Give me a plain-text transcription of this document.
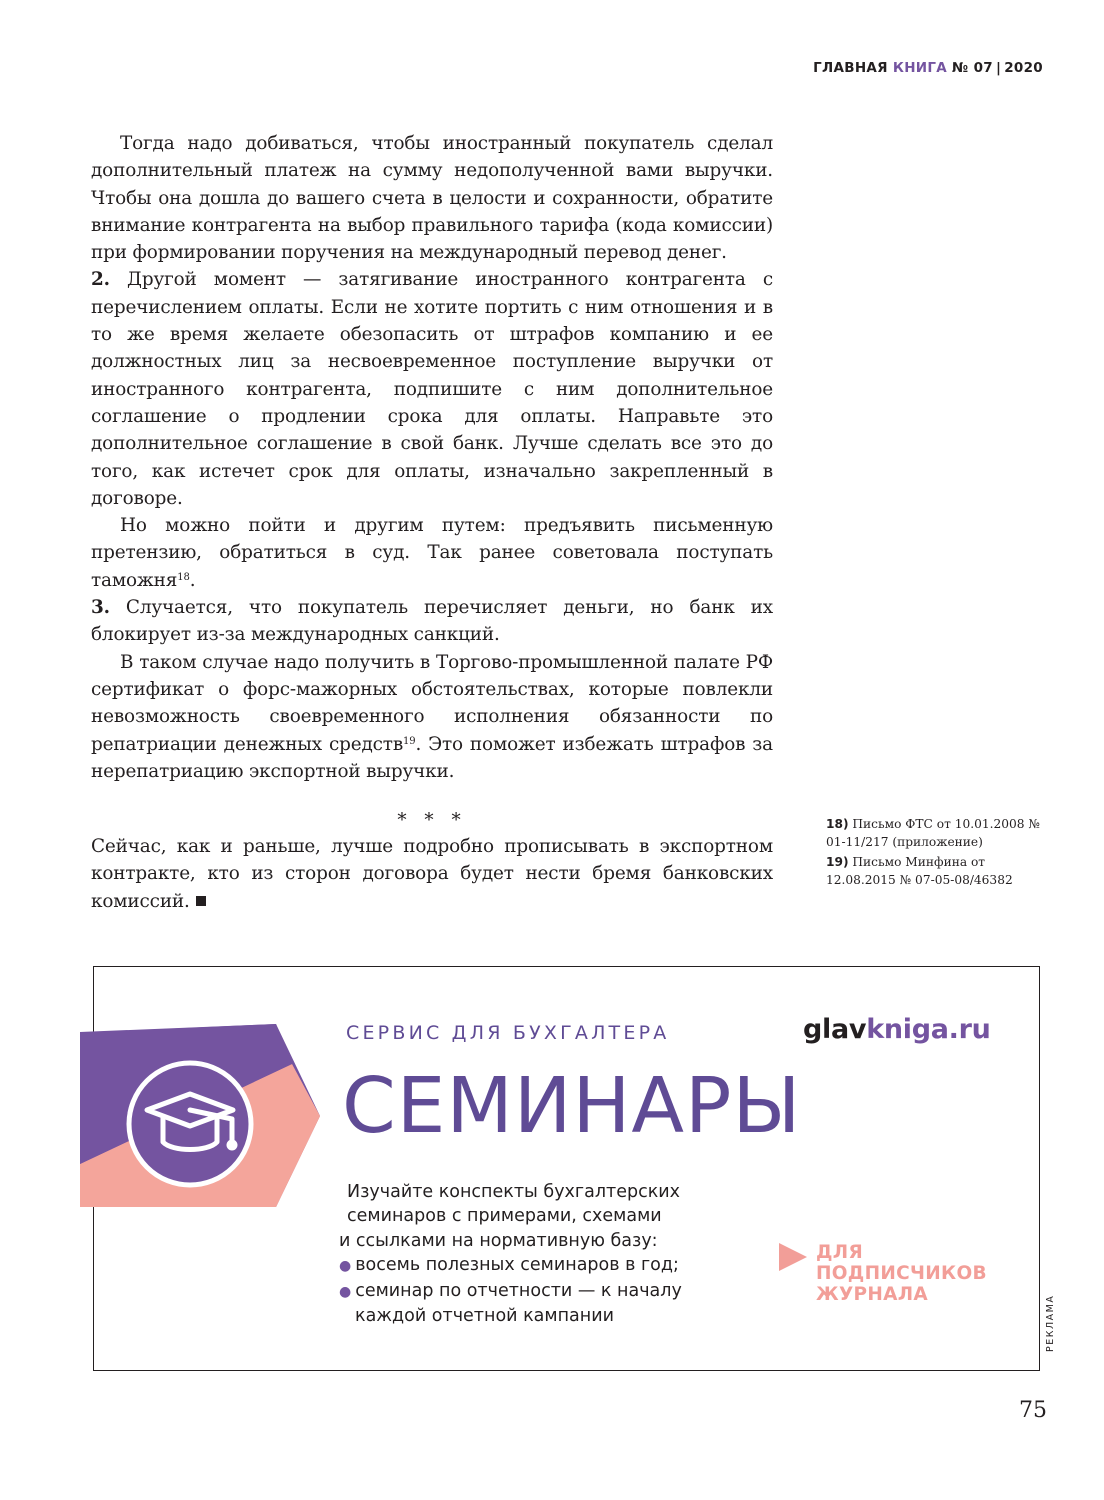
ГЛАВНАЯ КНИГА № 07 | 2020

Тогда надо добиваться, чтобы иностранный покупатель сделал дополнительный платеж на сумму недополученной вами выручки. Чтобы она дошла до вашего счета в целости и сохранности, обратите внимание контрагента на выбор правильного тарифа (кода комиссии) при формировании поручения на международный перевод денег.

2. Другой момент — затягивание иностранного контрагента с перечислением оплаты. Если не хотите портить с ним отношения и в то же время желаете обезопасить от штрафов компанию и ее должностных лиц за несвоевременное поступление выручки от иностранного контрагента, подпишите с ним дополнительное соглашение о продлении срока для оплаты. Направьте это дополнительное соглашение в свой банк. Лучше сделать все это до того, как истечет срок для оплаты, изначально закрепленный в договоре.

Но можно пойти и другим путем: предъявить письменную претензию, обратиться в суд. Так ранее советовала поступать таможня$^{18}$.

3. Случается, что покупатель перечисляет деньги, но банк их блокирует из-за международных санкций.

В таком случае надо получить в Торгово-промышленной палате РФ сертификат о форс-мажорных обстоятельствах, которые повлекли невозможность своевременного исполнения обязанности по репатриации денежных средств$^{19}$. Это поможет избежать штрафов за нерепатриацию экспортной выручки.

* * *

Сейчас, как и раньше, лучше подробно прописывать в экспортном контракте, кто из сторон договора будет нести бремя банковских комиссий.

18) Письмо ФТС от 10.01.2008 № 01-11/217 (приложение)

19) Письмо Минфина от 12.08.2015 № 07-05-08/46382

СЕРВИС ДЛЯ БУХГАЛТЕРА	glavkniga.ru
СЕМИНАРЫ
Изучайте конспекты бухгалтерских
семинаров с примерами, схемами
и ссылками на нормативную базу:
● восемь полезных семинаров в год;
● семинар по отчетности — к началу
каждой отчетной кампании
ДЛЯ ПОДПИСЧИКОВ ЖУРНАЛА
РЕКЛАМА
75
